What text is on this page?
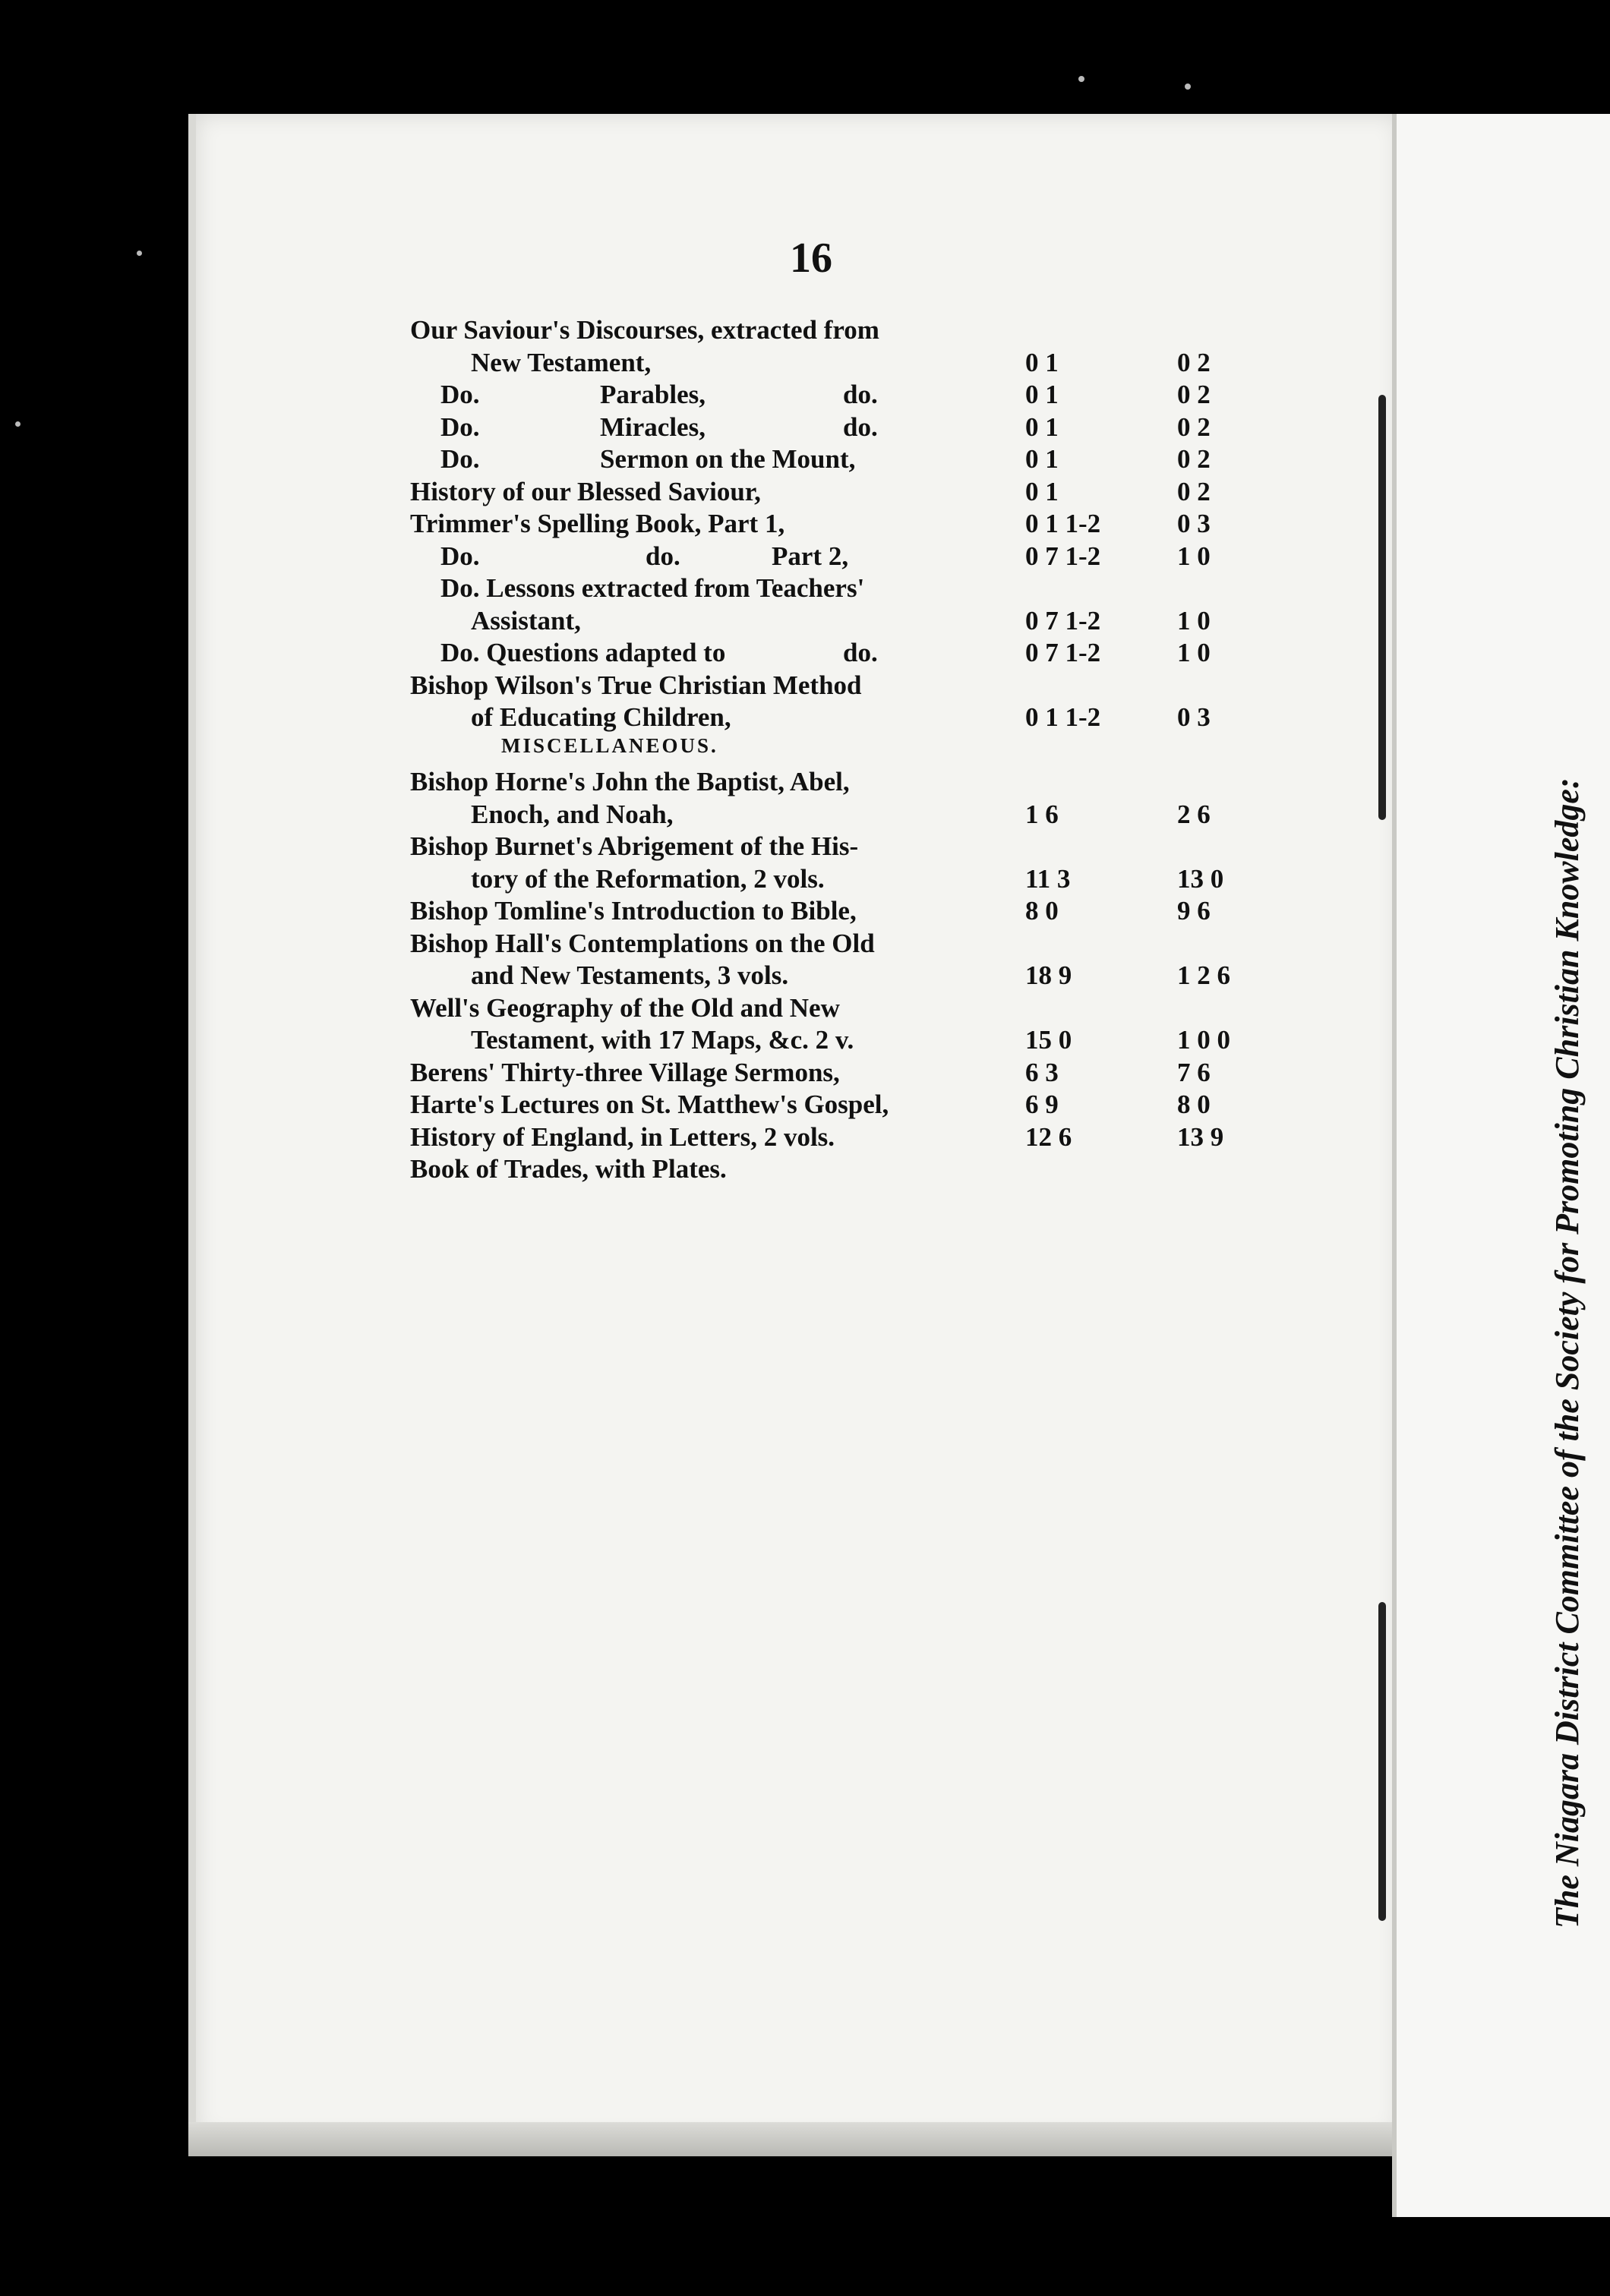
16
Our Saviour's Discourses, extracted from
New Testament,	0 1	0 2
Do.	Parables,	do.	0 1	0 2
Do.	Miracles,	do.	0 1	0 2
Do.	Sermon on the Mount,	0 1	0 2
History of our Blessed Saviour,	0 1	0 2
Trimmer's Spelling Book, Part 1,	0 1 1-2	0 3
Do.	do.	Part 2,	0 7 1-2	1 0
Do. Lessons extracted from Teachers'
Assistant,	0 7 1-2	1 0
Do. Questions adapted to	do.	0 7 1-2	1 0
Bishop Wilson's True Christian Method
of Educating Children,	0 1 1-2	0 3
MISCELLANEOUS.
Bishop Horne's John the Baptist, Abel,
Enoch, and Noah,	1 6	2 6
Bishop Burnet's Abrigement of the His-
tory of the Reformation, 2 vols.	11 3	13 0
Bishop Tomline's Introduction to Bible,	8 0	9 6
Bishop Hall's Contemplations on the Old
and New Testaments, 3 vols.	18 9	1 2 6
Well's Geography of the Old and New
Testament, with 17 Maps, &c. 2 v.	15 0	1 0 0
Berens' Thirty-three Village Sermons,	6 3	7 6
Harte's Lectures on St. Matthew's Gospel,	6 9	8 0
History of England, in Letters, 2 vols.	12 6	13 9
Book of Trades, with Plates.	The Niagara District Committee of the Society for Promoting Christian Knowledge:
